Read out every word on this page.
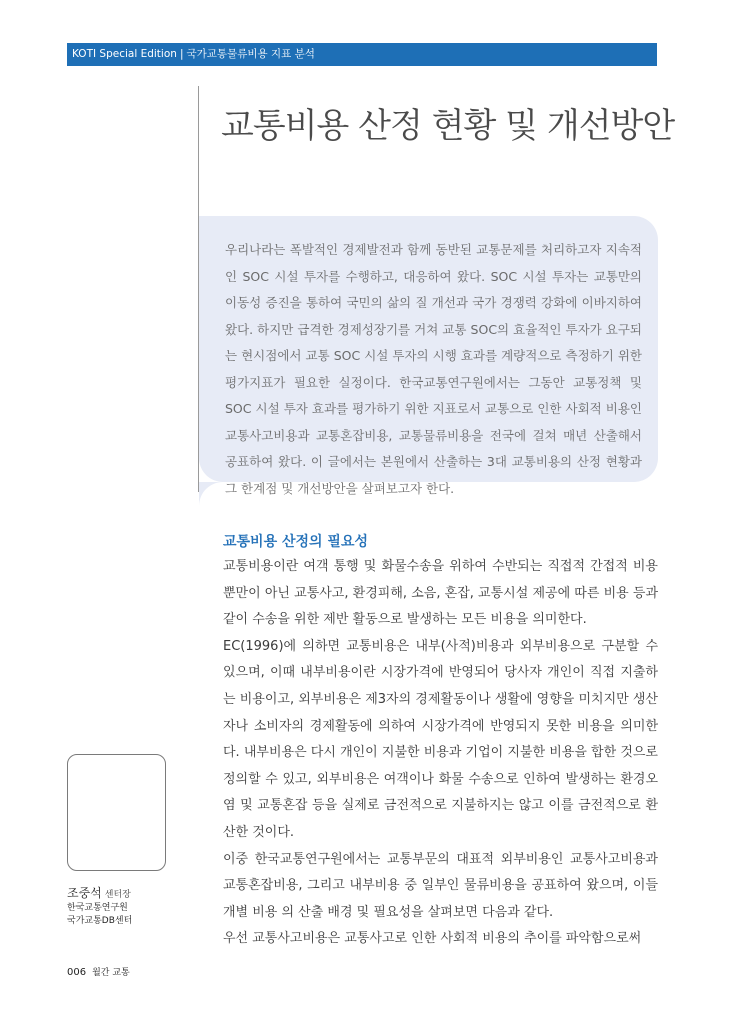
KOTI Special Edition | 국가교통물류비용 지표 분석
교통비용 산정 현황 및 개선방안

우리나라는 폭발적인 경제발전과 함께 동반된 교통문제를 처리하고자 지속적인 SOC 시설 투자를 수행하고, 대응하여 왔다. SOC 시설 투자는 교통만의 이동성 증진을 통하여 국민의 삶의 질 개선과 국가 경쟁력 강화에 이바지하여 왔다. 하지만 급격한 경제성장기를 거쳐 교통 SOC의 효율적인 투자가 요구되는 현시점에서 교통 SOC 시설 투자의 시행 효과를 계량적으로 측정하기 위한 평가지표가 필요한 실정이다. 한국교통연구원에서는 그동안 교통정책 및 SOC 시설 투자 효과를 평가하기 위한 지표로서 교통으로 인한 사회적 비용인 교통사고비용과 교통혼잡비용, 교통물류비용을 전국에 걸쳐 매년 산출해서 공표하여 왔다. 이 글에서는 본원에서 산출하는 3대 교통비용의 산정 현황과 그 한계점 및 개선방안을 살펴보고자 한다.

교통비용 산정의 필요성

교통비용이란 여객 통행 및 화물수송을 위하여 수반되는 직접적 간접적 비용뿐만이 아닌 교통사고, 환경피해, 소음, 혼잡, 교통시설 제공에 따른 비용 등과 같이 수송을 위한 제반 활동으로 발생하는 모든 비용을 의미한다.

EC(1996)에 의하면 교통비용은 내부(사적)비용과 외부비용으로 구분할 수 있으며, 이때 내부비용이란 시장가격에 반영되어 당사자 개인이 직접 지출하는 비용이고, 외부비용은 제3자의 경제활동이나 생활에 영향을 미치지만 생산자나 소비자의 경제활동에 의하여 시장가격에 반영되지 못한 비용을 의미한다. 내부비용은 다시 개인이 지불한 비용과 기업이 지불한 비용을 합한 것으로 정의할 수 있고, 외부비용은 여객이나 화물 수송으로 인하여 발생하는 환경오염 및 교통혼잡 등을 실제로 금전적으로 지불하지는 않고 이를 금전적으로 환산한 것이다.

이중 한국교통연구원에서는 교통부문의 대표적 외부비용인 교통사고비용과 교통혼잡비용, 그리고 내부비용 중 일부인 물류비용을 공표하여 왔으며, 이들 개별 비용 의 산출 배경 및 필요성을 살펴보면 다음과 같다.

우선 교통사고비용은 교통사고로 인한 사회적 비용의 추이를 파악함으로써

조중석 센터장
한국교통연구원
국가교통DB센터
006 월간 교통
